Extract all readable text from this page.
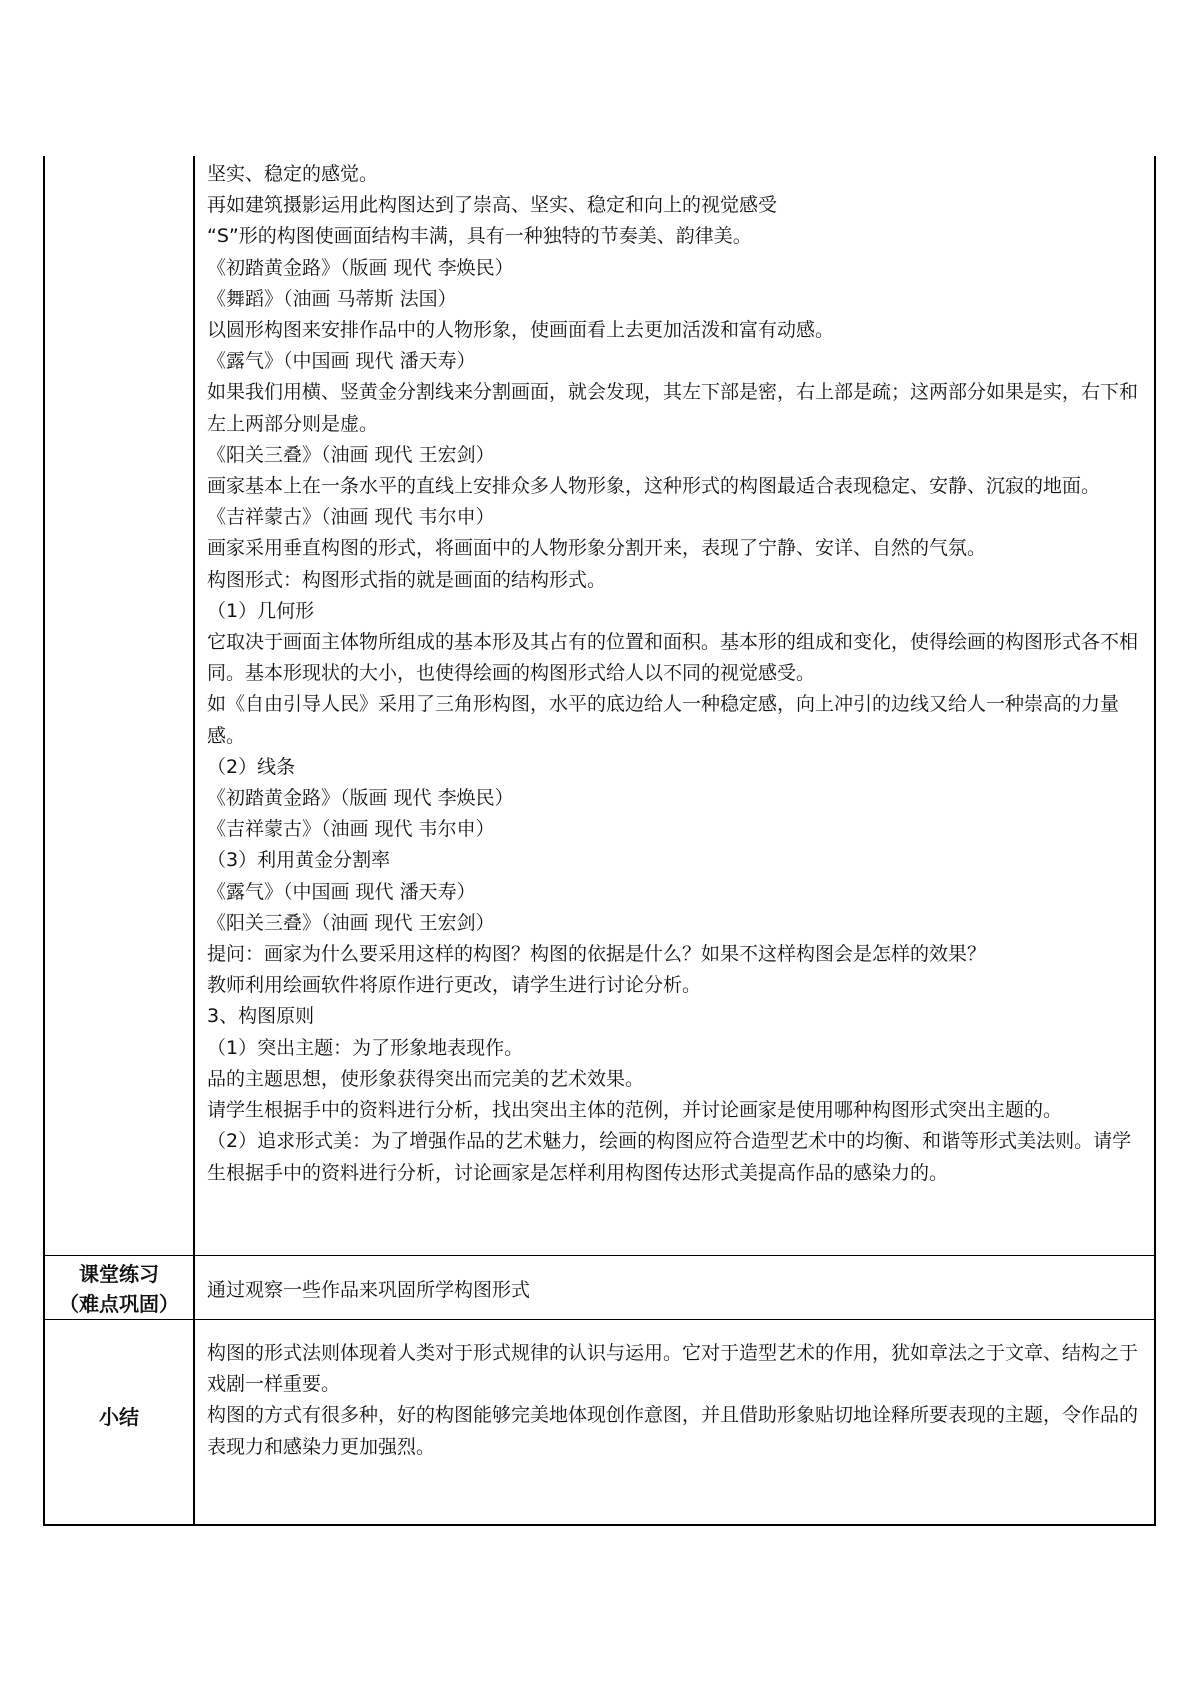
坚实、稳定的感觉。

再如建筑摄影运用此构图达到了崇高、坚实、稳定和向上的视觉感受

“S”形的构图使画面结构丰满，具有一种独特的节奏美、韵律美。

《初踏黄金路》（版画 现代 李焕民）

《舞蹈》（油画 马蒂斯 法国）

以圆形构图来安排作品中的人物形象，使画面看上去更加活泼和富有动感。

《露气》（中国画 现代 潘天寿）

如果我们用横、竖黄金分割线来分割画面，就会发现，其左下部是密，右上部是疏；这两部分如果是实，右下和左上两部分则是虚。

《阳关三叠》（油画 现代 王宏剑）

画家基本上在一条水平的直线上安排众多人物形象，这种形式的构图最适合表现稳定、安静、沉寂的地面。

《吉祥蒙古》（油画 现代 韦尔申）

画家采用垂直构图的形式，将画面中的人物形象分割开来，表现了宁静、安详、自然的气氛。

构图形式：构图形式指的就是画面的结构形式。

（1）几何形

它取决于画面主体物所组成的基本形及其占有的位置和面积。基本形的组成和变化，使得绘画的构图形式各不相同。基本形现状的大小，也使得绘画的构图形式给人以不同的视觉感受。

如《自由引导人民》采用了三角形构图，水平的底边给人一种稳定感，向上冲引的边线又给人一种崇高的力量感。

（2）线条

《初踏黄金路》（版画 现代 李焕民）

《吉祥蒙古》（油画 现代 韦尔申）

（3）利用黄金分割率

《露气》（中国画 现代 潘天寿）

《阳关三叠》（油画 现代 王宏剑）

提问：画家为什么要采用这样的构图？构图的依据是什么？如果不这样构图会是怎样的效果？

教师利用绘画软件将原作进行更改，请学生进行讨论分析。

3、构图原则

（1）突出主题：为了形象地表现作。

品的主题思想，使形象获得突出而完美的艺术效果。

请学生根据手中的资料进行分析，找出突出主体的范例，并讨论画家是使用哪种构图形式突出主题的。

（2）追求形式美：为了增强作品的艺术魅力，绘画的构图应符合造型艺术中的均衡、和谐等形式美法则。请学生根据手中的资料进行分析，讨论画家是怎样利用构图传达形式美提高作品的感染力的。

课堂练习
（难点巩固）

通过观察一些作品来巩固所学构图形式

小结

构图的形式法则体现着人类对于形式规律的认识与运用。它对于造型艺术的作用，犹如章法之于文章、结构之于戏剧一样重要。

构图的方式有很多种，好的构图能够完美地体现创作意图，并且借助形象贴切地诠释所要表现的主题，令作品的表现力和感染力更加强烈。
